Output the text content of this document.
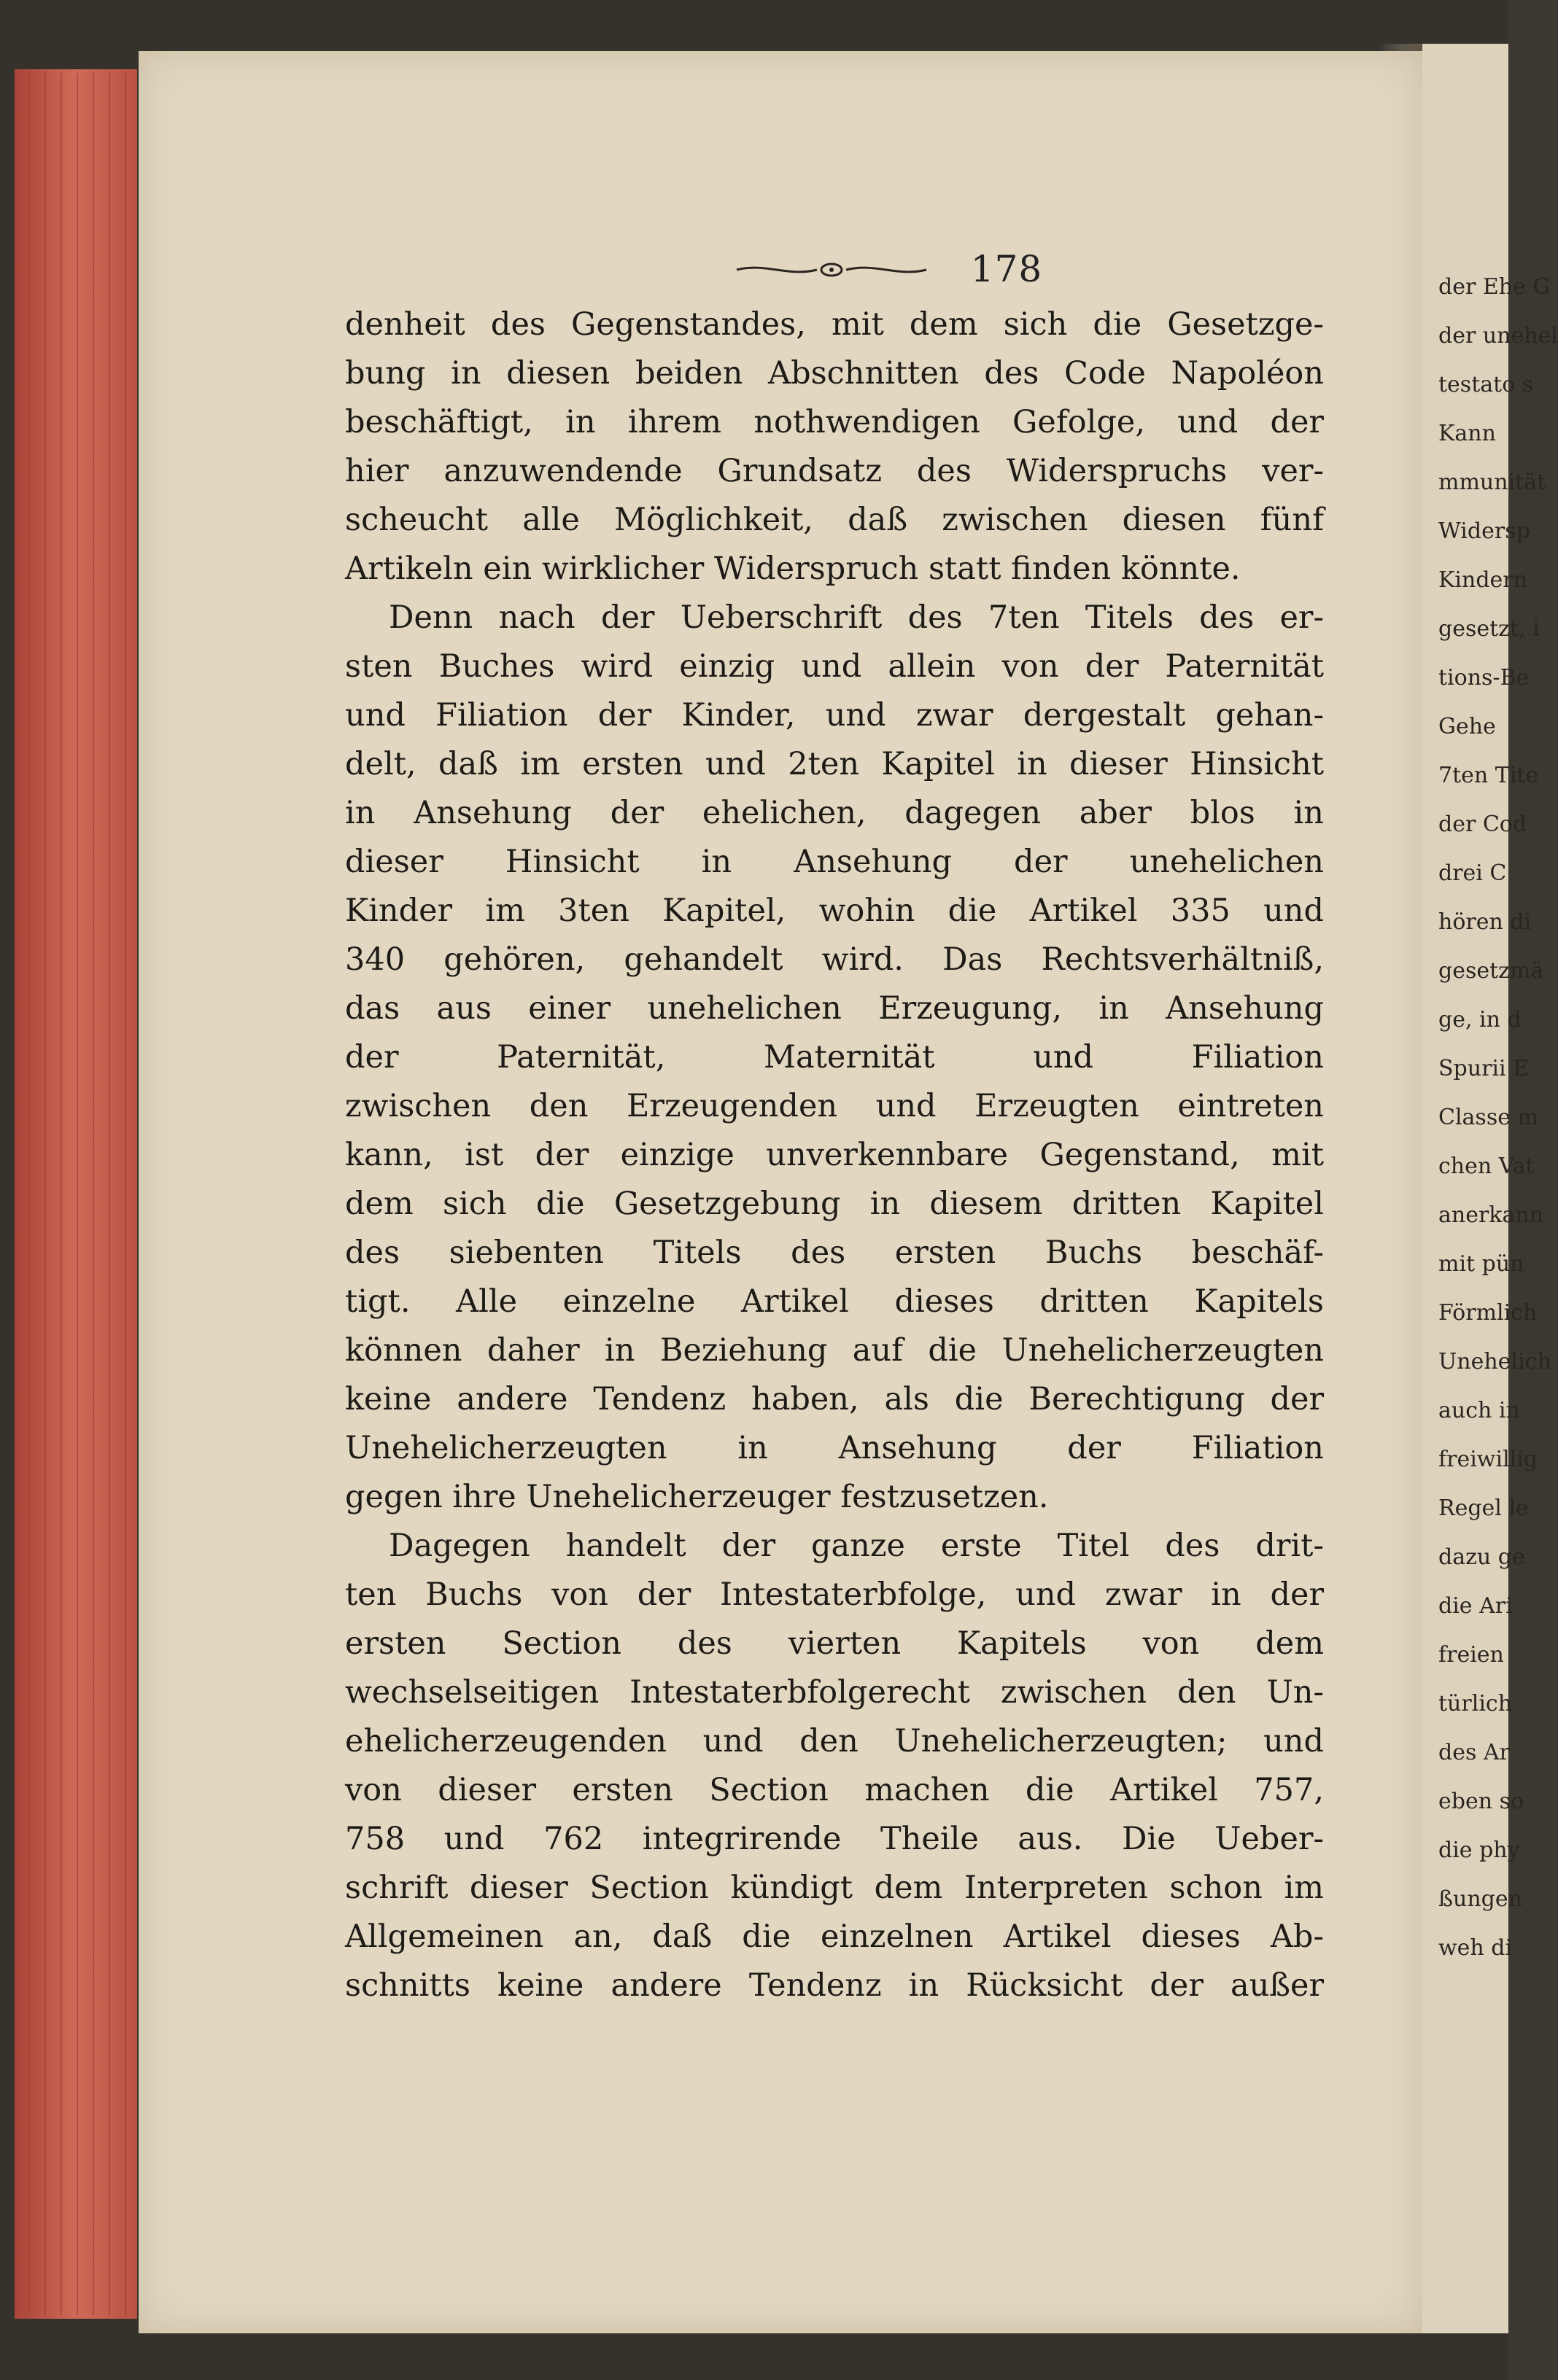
178
denheit des Gegenstandes, mit dem sich die Gesetzge-
bung in diesen beiden Abschnitten des Code Napoléon
beschäftigt, in ihrem nothwendigen Gefolge, und der
hier anzuwendende Grundsatz des Widerspruchs ver-
scheucht alle Möglichkeit, daß zwischen diesen fünf
Artikeln ein wirklicher Widerspruch statt finden könnte.
Denn nach der Ueberschrift des 7ten Titels des er-
sten Buches wird einzig und allein von der Paternität
und Filiation der Kinder, und zwar dergestalt gehan-
delt, daß im ersten und 2ten Kapitel in dieser Hinsicht
in Ansehung der ehelichen, dagegen aber blos in
dieser Hinsicht in Ansehung der unehelichen
Kinder im 3ten Kapitel, wohin die Artikel 335 und
340 gehören, gehandelt wird. Das Rechtsverhältniß,
das aus einer unehelichen Erzeugung, in Ansehung
der Paternität, Maternität und Filiation
zwischen den Erzeugenden und Erzeugten eintreten
kann, ist der einzige unverkennbare Gegenstand, mit
dem sich die Gesetzgebung in diesem dritten Kapitel
des siebenten Titels des ersten Buchs beschäf-
tigt. Alle einzelne Artikel dieses dritten Kapitels
können daher in Beziehung auf die Unehelicherzeugten
keine andere Tendenz haben, als die Berechtigung der
Unehelicherzeugten in Ansehung der Filiation
gegen ihre Unehelicherzeuger festzusetzen.
Dagegen handelt der ganze erste Titel des drit-
ten Buchs von der Intestaterbfolge, und zwar in der
ersten Section des vierten Kapitels von dem
wechselseitigen Intestaterbfolgerecht zwischen den Un-
ehelicherzeugenden und den Unehelicherzeugten; und
von dieser ersten Section machen die Artikel 757,
758 und 762 integrirende Theile aus. Die Ueber-
schrift dieser Section kündigt dem Interpreten schon im
Allgemeinen an, daß die einzelnen Artikel dieses Ab-
schnitts keine andere Tendenz in Rücksicht der außer
der Ehe G
der unehel
testato s
Kann
mmunität
Widersp
Kindern
gesetzt, i
tions-Be
Gehe
7ten Tite
der Cod
drei C
hören di
gesetzmä
ge, in d
Spurii E
Classe m
chen Vat
anerkann
mit pün
Förmlich
Unehelich
auch in
freiwillig
Regel le
dazu ge
die Ari
freien
türlich
des Ar
eben so
die phy
ßungen
weh di
